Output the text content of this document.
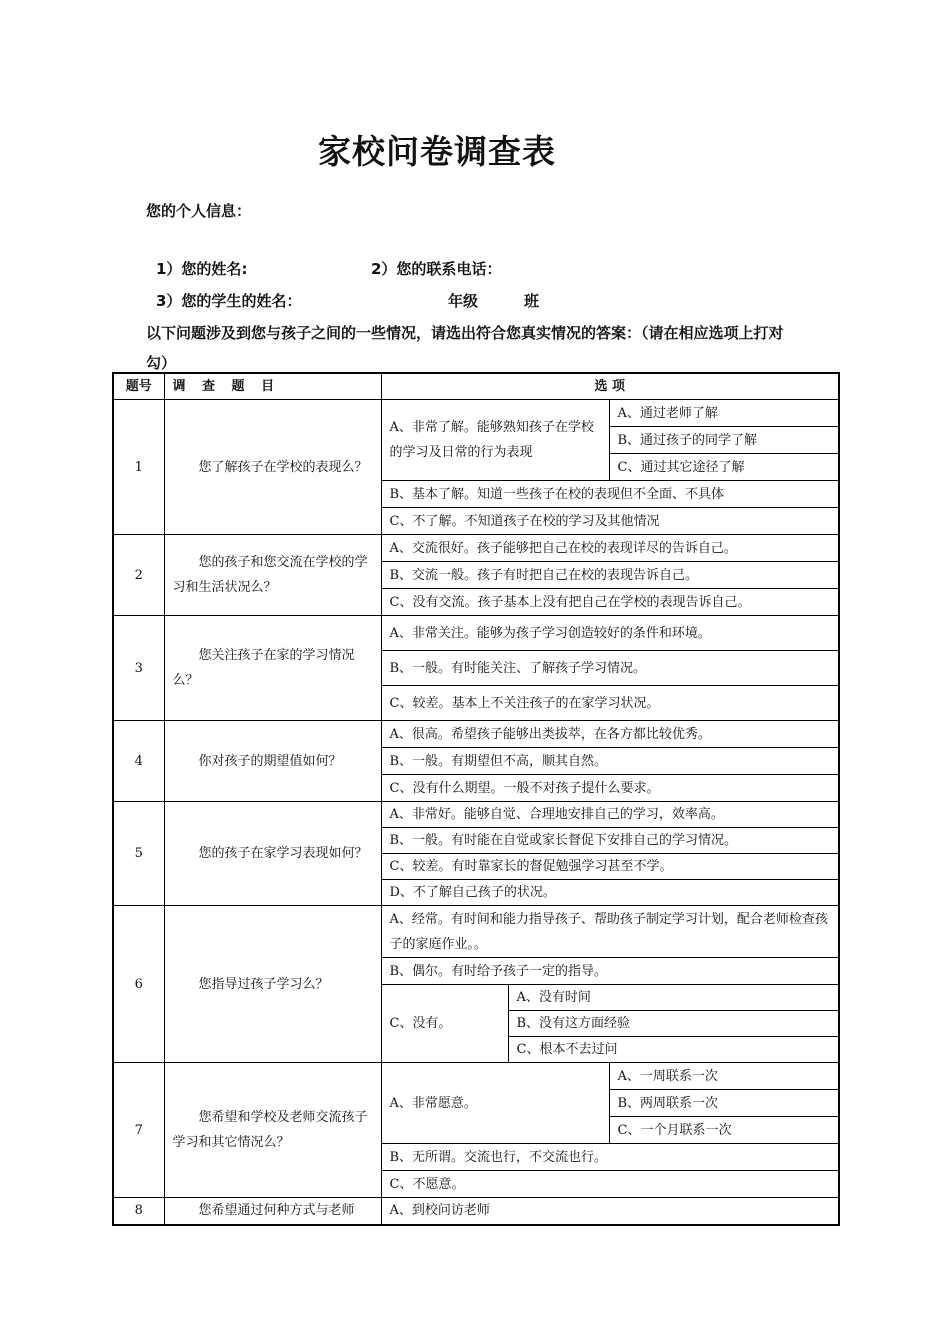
家校问卷调查表
您的个人信息：
1）您的姓名:	2）您的联系电话：
3）您的学生的姓名：	年级	班
以下问题涉及到您与孩子之间的一些情况，请选出符合您真实情况的答案：（请在相应选项上打对
勾）
题号	调 查 题 目	选 项		
1	您了解孩子在学校的表现么？	A、非常了解。能够熟知孩子在学校的学习及日常的行为表现		A、通过老师了解
				B、通过孩子的同学了解
				C、通过其它途径了解
		B、基本了解。知道一些孩子在校的表现但不全面、不具体		
		C、不了解。不知道孩子在校的学习及其他情况		
2	您的孩子和您交流在学校的学习和生活状况么？	A、交流很好。孩子能够把自己在校的表现详尽的告诉自己。		
		B、交流一般。孩子有时把自己在校的表现告诉自己。		
		C、没有交流。孩子基本上没有把自己在学校的表现告诉自己。		
3	您关注孩子在家的学习情况么？	A、非常关注。能够为孩子学习创造较好的条件和环境。		
		B、一般。有时能关注、了解孩子学习情况。		
		C、较差。基本上不关注孩子的在家学习状况。		
4	你对孩子的期望值如何？	A、很高。希望孩子能够出类拔萃，在各方都比较优秀。		
		B、一般。有期望但不高，顺其自然。		
		C、没有什么期望。一般不对孩子提什么要求。		
5	您的孩子在家学习表现如何？	A、非常好。能够自觉、合理地安排自己的学习，效率高。		
		B、一般。有时能在自觉或家长督促下安排自己的学习情况。		
		C、较差。有时靠家长的督促勉强学习甚至不学。		
		D、不了解自己孩子的状况。		
6	您指导过孩子学习么？	A、经常。有时间和能力指导孩子、帮助孩子制定学习计划，配合老师检查孩子的家庭作业。。		
		B、偶尔。有时给予孩子一定的指导。		
		C、没有。	A、没有时间	
			B、没有这方面经验	
			C、根本不去过问	
7	您希望和学校及老师交流孩子学习和其它情况么？	A、非常愿意。		A、一周联系一次
				B、两周联系一次
				C、一个月联系一次
		B、无所谓。交流也行，不交流也行。		
		C、不愿意。		
8	您希望通过何种方式与老师	A、到校问访老师		
